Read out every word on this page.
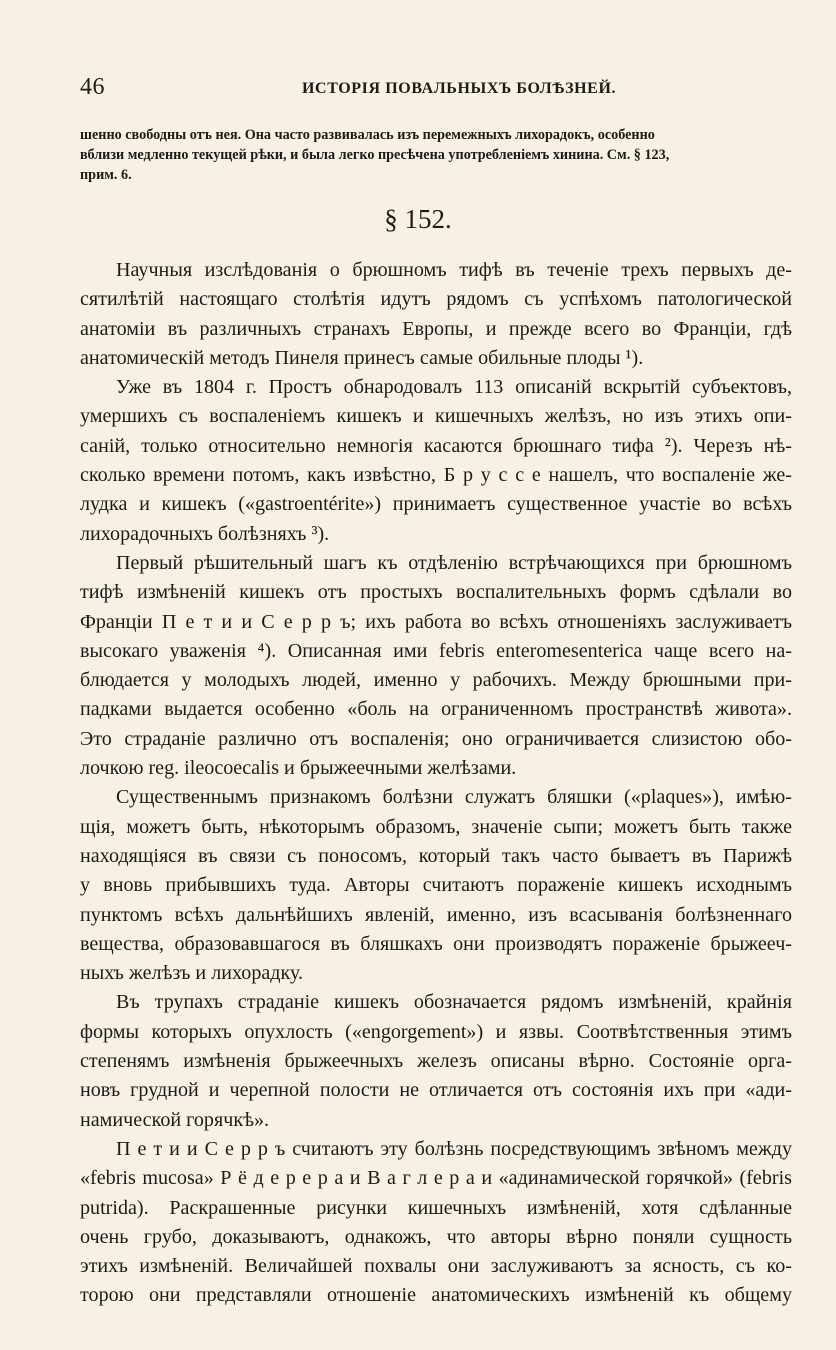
46	ИСТОРІЯ ПОВАЛЬНЫХЪ БОЛѢЗНЕЙ.
шенно свободны отъ нея. Она часто развивалась изъ перемежныхъ лихорадокъ, особенно
вблизи медленно текущей рѣки, и была легко пресѣчена употребленіемъ хинина. См. § 123,
прим. 6.
§ 152.
Научныя изслѣдованія о брюшномъ тифѣ въ теченіе трехъ первыхъ де-
сятилѣтій настоящаго столѣтія идутъ рядомъ съ успѣхомъ патологической
анатоміи въ различныхъ странахъ Европы, и прежде всего во Франціи, гдѣ
анатомическій методъ Пинеля принесъ самые обильные плоды ¹).
Уже въ 1804 г. Простъ обнародовалъ 113 описаній вскрытій субъектовъ,
умершихъ съ воспаленіемъ кишекъ и кишечныхъ желѣзъ, но изъ этихъ опи-
саній, только относительно немногія касаются брюшнаго тифа ²). Черезъ нѣ-
сколько времени потомъ, какъ извѣстно, Б р у с с е нашелъ, что воспаленіе же-
лудка и кишекъ («gastroentérite») принимаетъ существенное участіе во всѣхъ
лихорадочныхъ болѣзняхъ ³).
Первый рѣшительный шагъ къ отдѣленію встрѣчающихся при брюшномъ
тифѣ измѣненій кишекъ отъ простыхъ воспалительныхъ формъ сдѣлали во
Франціи П е т и и С е р р ъ; ихъ работа во всѣхъ отношеніяхъ заслуживаетъ
высокаго уваженія ⁴). Описанная ими febris enteromesenterica чаще всего на-
блюдается у молодыхъ людей, именно у рабочихъ. Между брюшными при-
падками выдается особенно «боль на ограниченномъ пространствѣ живота».
Это страданіе различно отъ воспаленія; оно ограничивается слизистою обо-
лочкою reg. ileocoecalis и брыжеечными желѣзами.
Существеннымъ признакомъ болѣзни служатъ бляшки («plaques»), имѣю-
щія, можетъ быть, нѣкоторымъ образомъ, значеніе сыпи; можетъ быть также
находящіяся въ связи съ поносомъ, который такъ часто бываетъ въ Парижѣ
у вновь прибывшихъ туда. Авторы считаютъ пораженіе кишекъ исходнымъ
пунктомъ всѣхъ дальнѣйшихъ явленій, именно, изъ всасыванія болѣзненнаго
вещества, образовавшагося въ бляшкахъ они производятъ пораженіе брыжееч-
ныхъ желѣзъ и лихорадку.
Въ трупахъ страданіе кишекъ обозначается рядомъ измѣненій, крайнія
формы которыхъ опухлость («engorgement») и язвы. Соотвѣтственныя этимъ
степенямъ измѣненія брыжеечныхъ железъ описаны вѣрно. Состояніе орга-
новъ грудной и черепной полости не отличается отъ состоянія ихъ при «ади-
намической горячкѣ».
П е т и и С е р р ъ считаютъ эту болѣзнь посредствующимъ звѣномъ между
«febris mucosa» Р ё д е р е р а и В а г л е р а и «адинамической горячкой» (febris
putrida). Раскрашенные рисунки кишечныхъ измѣненій, хотя сдѣланные
очень грубо, доказываютъ, однакожъ, что авторы вѣрно поняли сущность
этихъ измѣненій. Величайшей похвалы они заслуживаютъ за ясность, съ ко-
торою они представляли отношеніе анатомическихъ измѣненій къ общему
